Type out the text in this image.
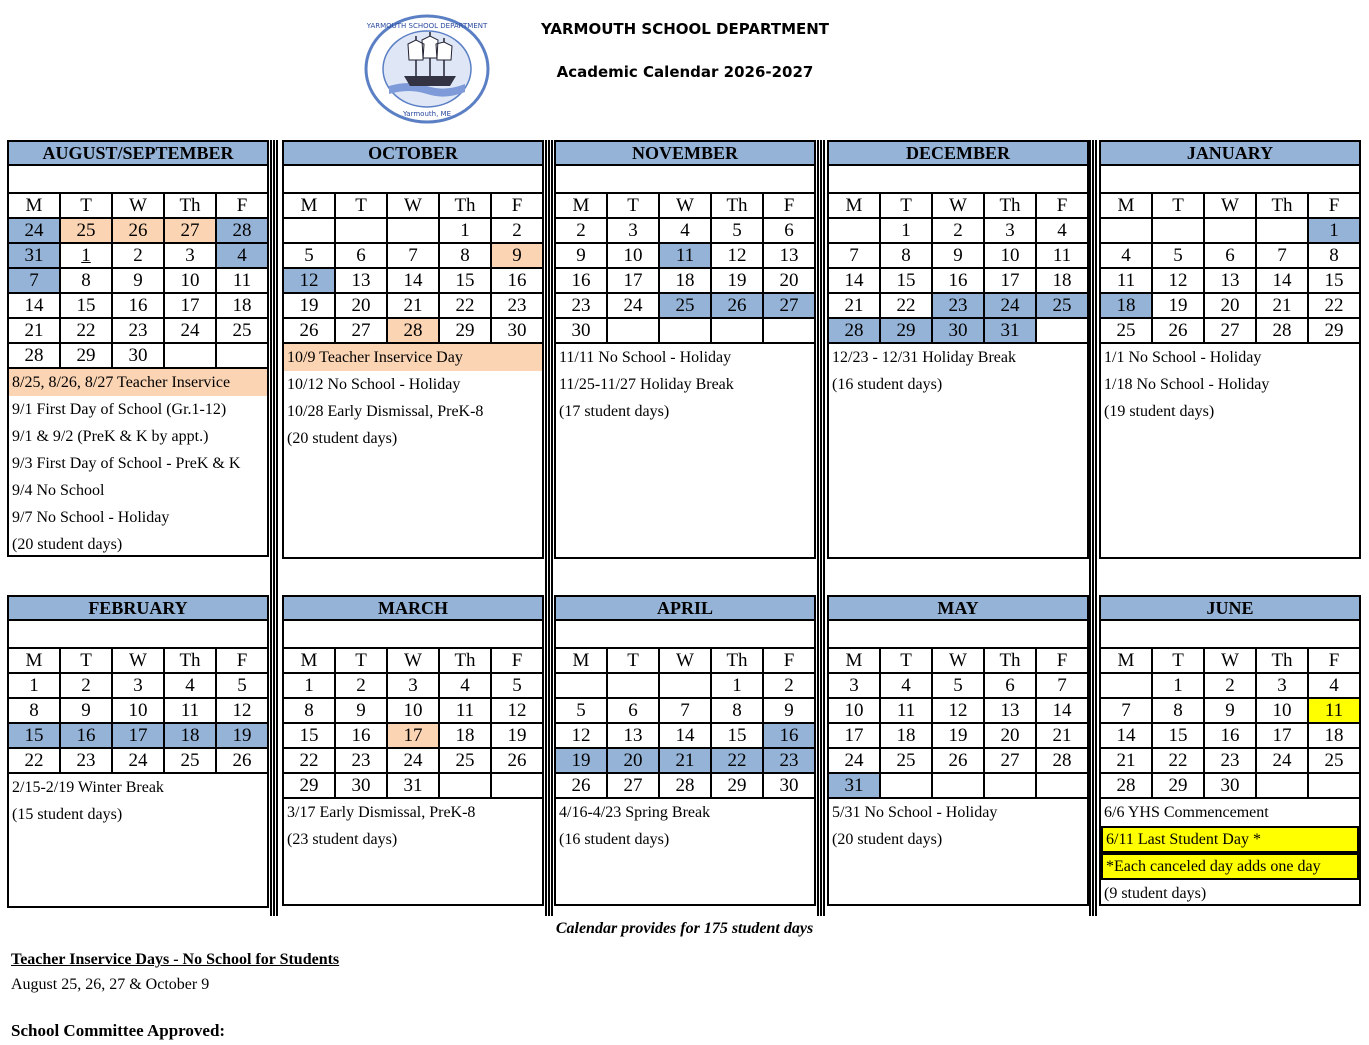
YARMOUTH SCHOOL DEPARTMENT
Academic Calendar 2026-2027
YARMOUTH SCHOOL DEPARTMENT
Yarmouth, ME
AUGUST/SEPTEMBER
M	T	W	Th	F
24	25	26	27	28
31	1	2	3	4
7	8	9	10	11
14	15	16	17	18
21	22	23	24	25
28	29	30		
8/25, 8/26, 8/27 Teacher Inservice
9/1 First Day of School (Gr.1-12)
9/1 & 9/2 (PreK & K by appt.)
9/3 First Day of School - PreK & K
9/4 No School
9/7 No School - Holiday
(20 student days)
OCTOBER
M	T	W	Th	F
			1	2
5	6	7	8	9
12	13	14	15	16
19	20	21	22	23
26	27	28	29	30
10/9 Teacher Inservice Day
10/12 No School - Holiday
10/28 Early Dismissal, PreK-8
(20 student days)
NOVEMBER
M	T	W	Th	F
2	3	4	5	6
9	10	11	12	13
16	17	18	19	20
23	24	25	26	27
30				
11/11 No School - Holiday
11/25-11/27 Holiday Break
(17 student days)
DECEMBER
M	T	W	Th	F
	1	2	3	4
7	8	9	10	11
14	15	16	17	18
21	22	23	24	25
28	29	30	31	
12/23 - 12/31 Holiday Break
(16 student days)
JANUARY
M	T	W	Th	F
				1
4	5	6	7	8
11	12	13	14	15
18	19	20	21	22
25	26	27	28	29
1/1 No School - Holiday
1/18 No School - Holiday
(19 student days)
FEBRUARY
M	T	W	Th	F
1	2	3	4	5
8	9	10	11	12
15	16	17	18	19
22	23	24	25	26
2/15-2/19 Winter Break
(15 student days)
MARCH
M	T	W	Th	F
1	2	3	4	5
8	9	10	11	12
15	16	17	18	19
22	23	24	25	26
29	30	31		
3/17 Early Dismissal, PreK-8
(23 student days)
APRIL
M	T	W	Th	F
			1	2
5	6	7	8	9
12	13	14	15	16
19	20	21	22	23
26	27	28	29	30
4/16-4/23 Spring Break
(16 student days)
MAY
M	T	W	Th	F
3	4	5	6	7
10	11	12	13	14
17	18	19	20	21
24	25	26	27	28
31				
5/31 No School - Holiday
(20 student days)
JUNE
M	T	W	Th	F
	1	2	3	4
7	8	9	10	11
14	15	16	17	18
21	22	23	24	25
28	29	30		
6/6 YHS Commencement
6/11 Last Student Day *
*Each canceled day adds one day
(9 student days)
Calendar provides for 175 student days
Teacher Inservice Days - No School for Students
August 25, 26, 27 & October 9
School Committee Approved:
